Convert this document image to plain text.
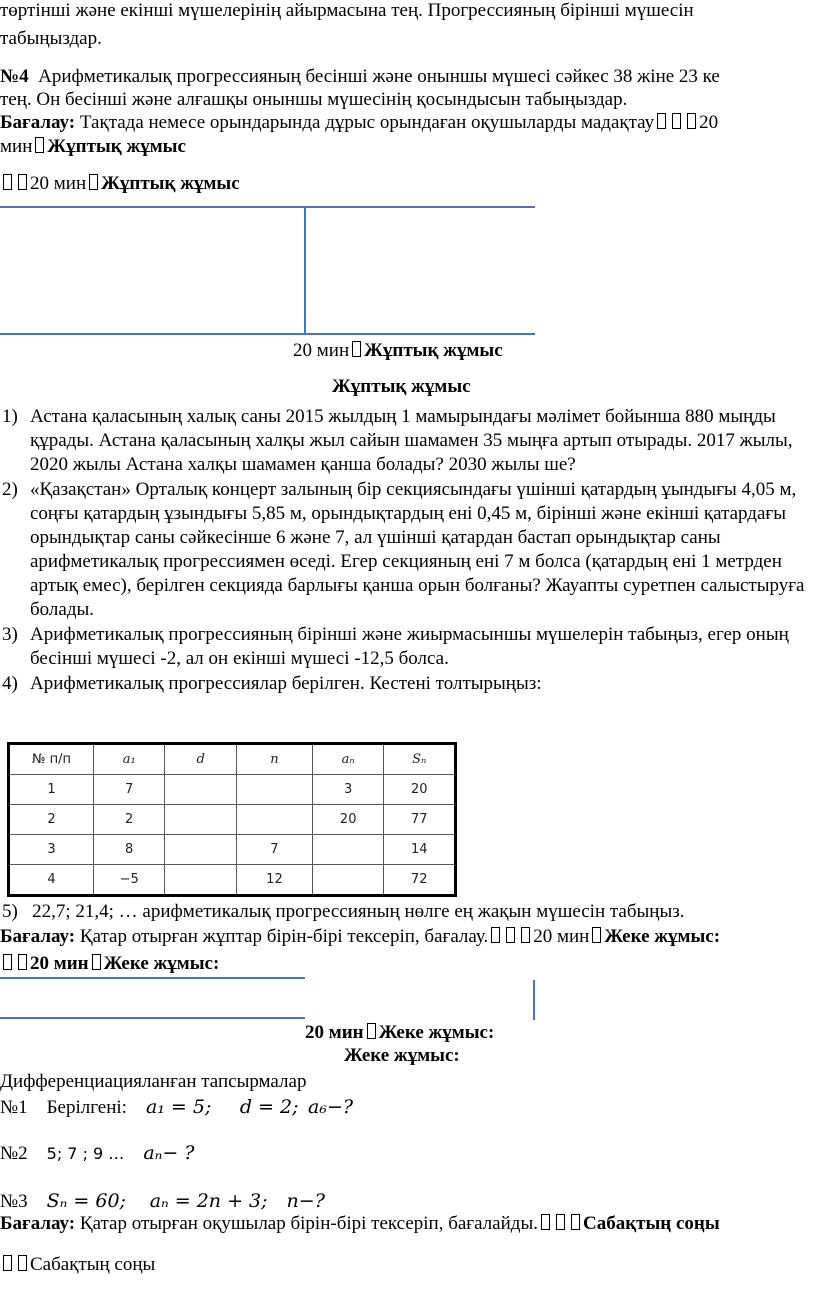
төртінші және екінші мүшелерінің айырмасына тең. Прогрессияның бірінші мүшесін
табыңыздар.
№4 Арифметикалық прогрессияның бесінші және оныншы мүшесі сәйкес 38 жіне 23 ке
тең. Он бесінші және алғашқы оныншы мүшесінің қосындысын табыңыздар.
Бағалау: Тақтада немесе орындарында дұрыс орындаған оқушыларды мадақтау 20
мин Жұптық жұмыс
20 мин Жұптық жұмыс
20 мин Жұптық жұмыс
Жұптық жұмыс
1) Астана қаласының халық саны 2015 жылдың 1 мамырындағы мәлімет бойынша 880 мыңды құрады. Астана қаласының халқы жыл сайын шамамен 35 мыңға артып отырады. 2017 жылы, 2020 жылы Астана халқы шамамен қанша болады? 2030 жылы ше?
2) «Қазақстан» Орталық концерт залының бір секциясындағы үшінші қатардың ұындығы 4,05 м, соңғы қатардың ұзындығы 5,85 м, орындықтардың ені 0,45 м, бірінші және екінші қатардағы орындықтар саны сәйкесінше 6 және 7, ал үшінші қатардан бастап орындықтар саны арифметикалық прогрессиямен өседі. Егер секцияның ені 7 м болса (қатардың ені 1 метрден артық емес), берілген секцияда барлығы қанша орын болғаны? Жауапты суретпен салыстыруға болады.
3) Арифметикалық прогрессияның бірінші және жиырмасыншы мүшелерін табыңыз, егер оның бесінші мүшесі -2, ал он екінші мүшесі -12,5 болса.
4) Арифметикалық прогрессиялар берілген. Кестені толтырыңыз:
№ п/п	a₁	d	n	aₙ	Sₙ
1	7			3	20
2	2			20	77
3	8		7		14
4	−5		12		72
5) 22,7; 21,4; … арифметикалық прогрессияның нөлге ең жақын мүшесін табыңыз.
Бағалау: Қатар отырған жұптар бірін-бірі тексеріп, бағалау. 20 мин Жеке жұмыс:
20 мин Жеке жұмыс:
20 мин Жеке жұмыс:
Жеке жұмыс:
Дифференциацияланған тапсырмалар
№1 Берілгені: a₁ = 5; d = 2; a₆−?
№2 5; 7 ; 9 … aₙ− ?
№3 Sₙ = 60; aₙ = 2n + 3; n−?
Бағалау: Қатар отырған оқушылар бірін-бірі тексеріп, бағалайды. Сабақтың соңы
Сабақтың соңы
